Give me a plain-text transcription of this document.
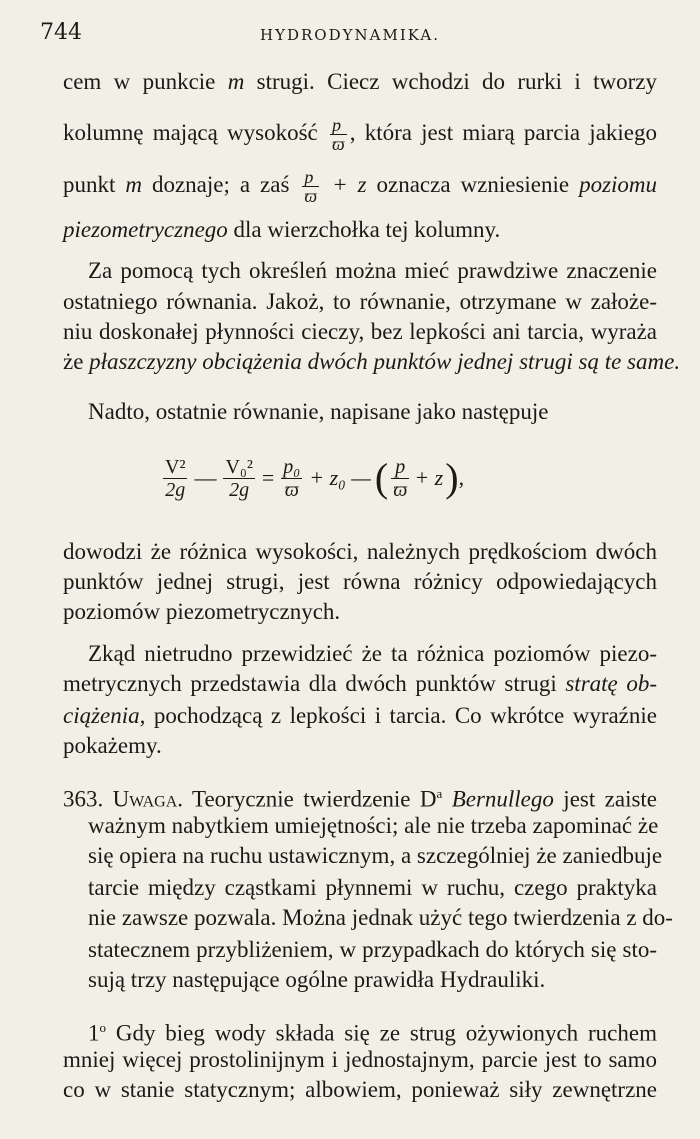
744	HYDRODYNAMIKA.
cem w punkcie m strugi. Ciecz wchodzi do rurki i tworzy
kolumnę mającą wysokość $\frac{p}{ϖ}$ , która jest miarą parcia jakiego
punkt m doznaje; a zaś $\frac{p}{ϖ} + z$ oznacza wzniesienie poziomu
piezometrycznego dla wierzchołka tej kolumny.
Za pomocą tych określeń można mieć prawdziwe znaczenie
ostatniego równania. Jakoż, to równanie, otrzymane w założe-
niu doskonałej płynności cieczy, bez lepkości ani tarcia, wyraża
że płaszczyzny obciążenia dwóch punktów jednej strugi są te same.
Nadto, ostatnie równanie, napisane jako następuje
$\frac{\text{V²}}{2g}$ — $\frac{\text{V₀²}}{2g} = \frac{\text{p₀}}{ϖ} + z_0$ — ( $\frac{p}{ϖ} + z$ ) ,
dowodzi że różnica wysokości, należnych prędkościom dwóch
punktów jednej strugi, jest równa różnicy odpowiedających
poziomów piezometrycznych.
Zkąd nietrudno przewidzieć że ta różnica poziomów piezo-
metrycznych przedstawia dla dwóch punktów strugi stratę ob-
ciążenia, pochodzącą z lepkości i tarcia. Co wkrótce wyraźnie
pokażemy.
363. Uwaga. Teorycznie twierdzenie $D^a$ Bernullego jest zaiste
ważnym nabytkiem umiejętności; ale nie trzeba zapominać że
się opiera na ruchu ustawicznym, a szczególniej że zaniedbuje
tarcie między cząstkami płynnemi w ruchu, czego praktyka
nie zawsze pozwala. Można jednak użyć tego twierdzenia z do-
statecznem przybliżeniem, w przypadkach do których się sto-
sują trzy następujące ogólne prawidła Hydrauliki.
1$^o$ Gdy bieg wody składa się ze strug ożywionych ruchem
mniej więcej prostolinijnym i jednostajnym, parcie jest to samo
co w stanie statycznym; albowiem, ponieważ siły zewnętrzne
